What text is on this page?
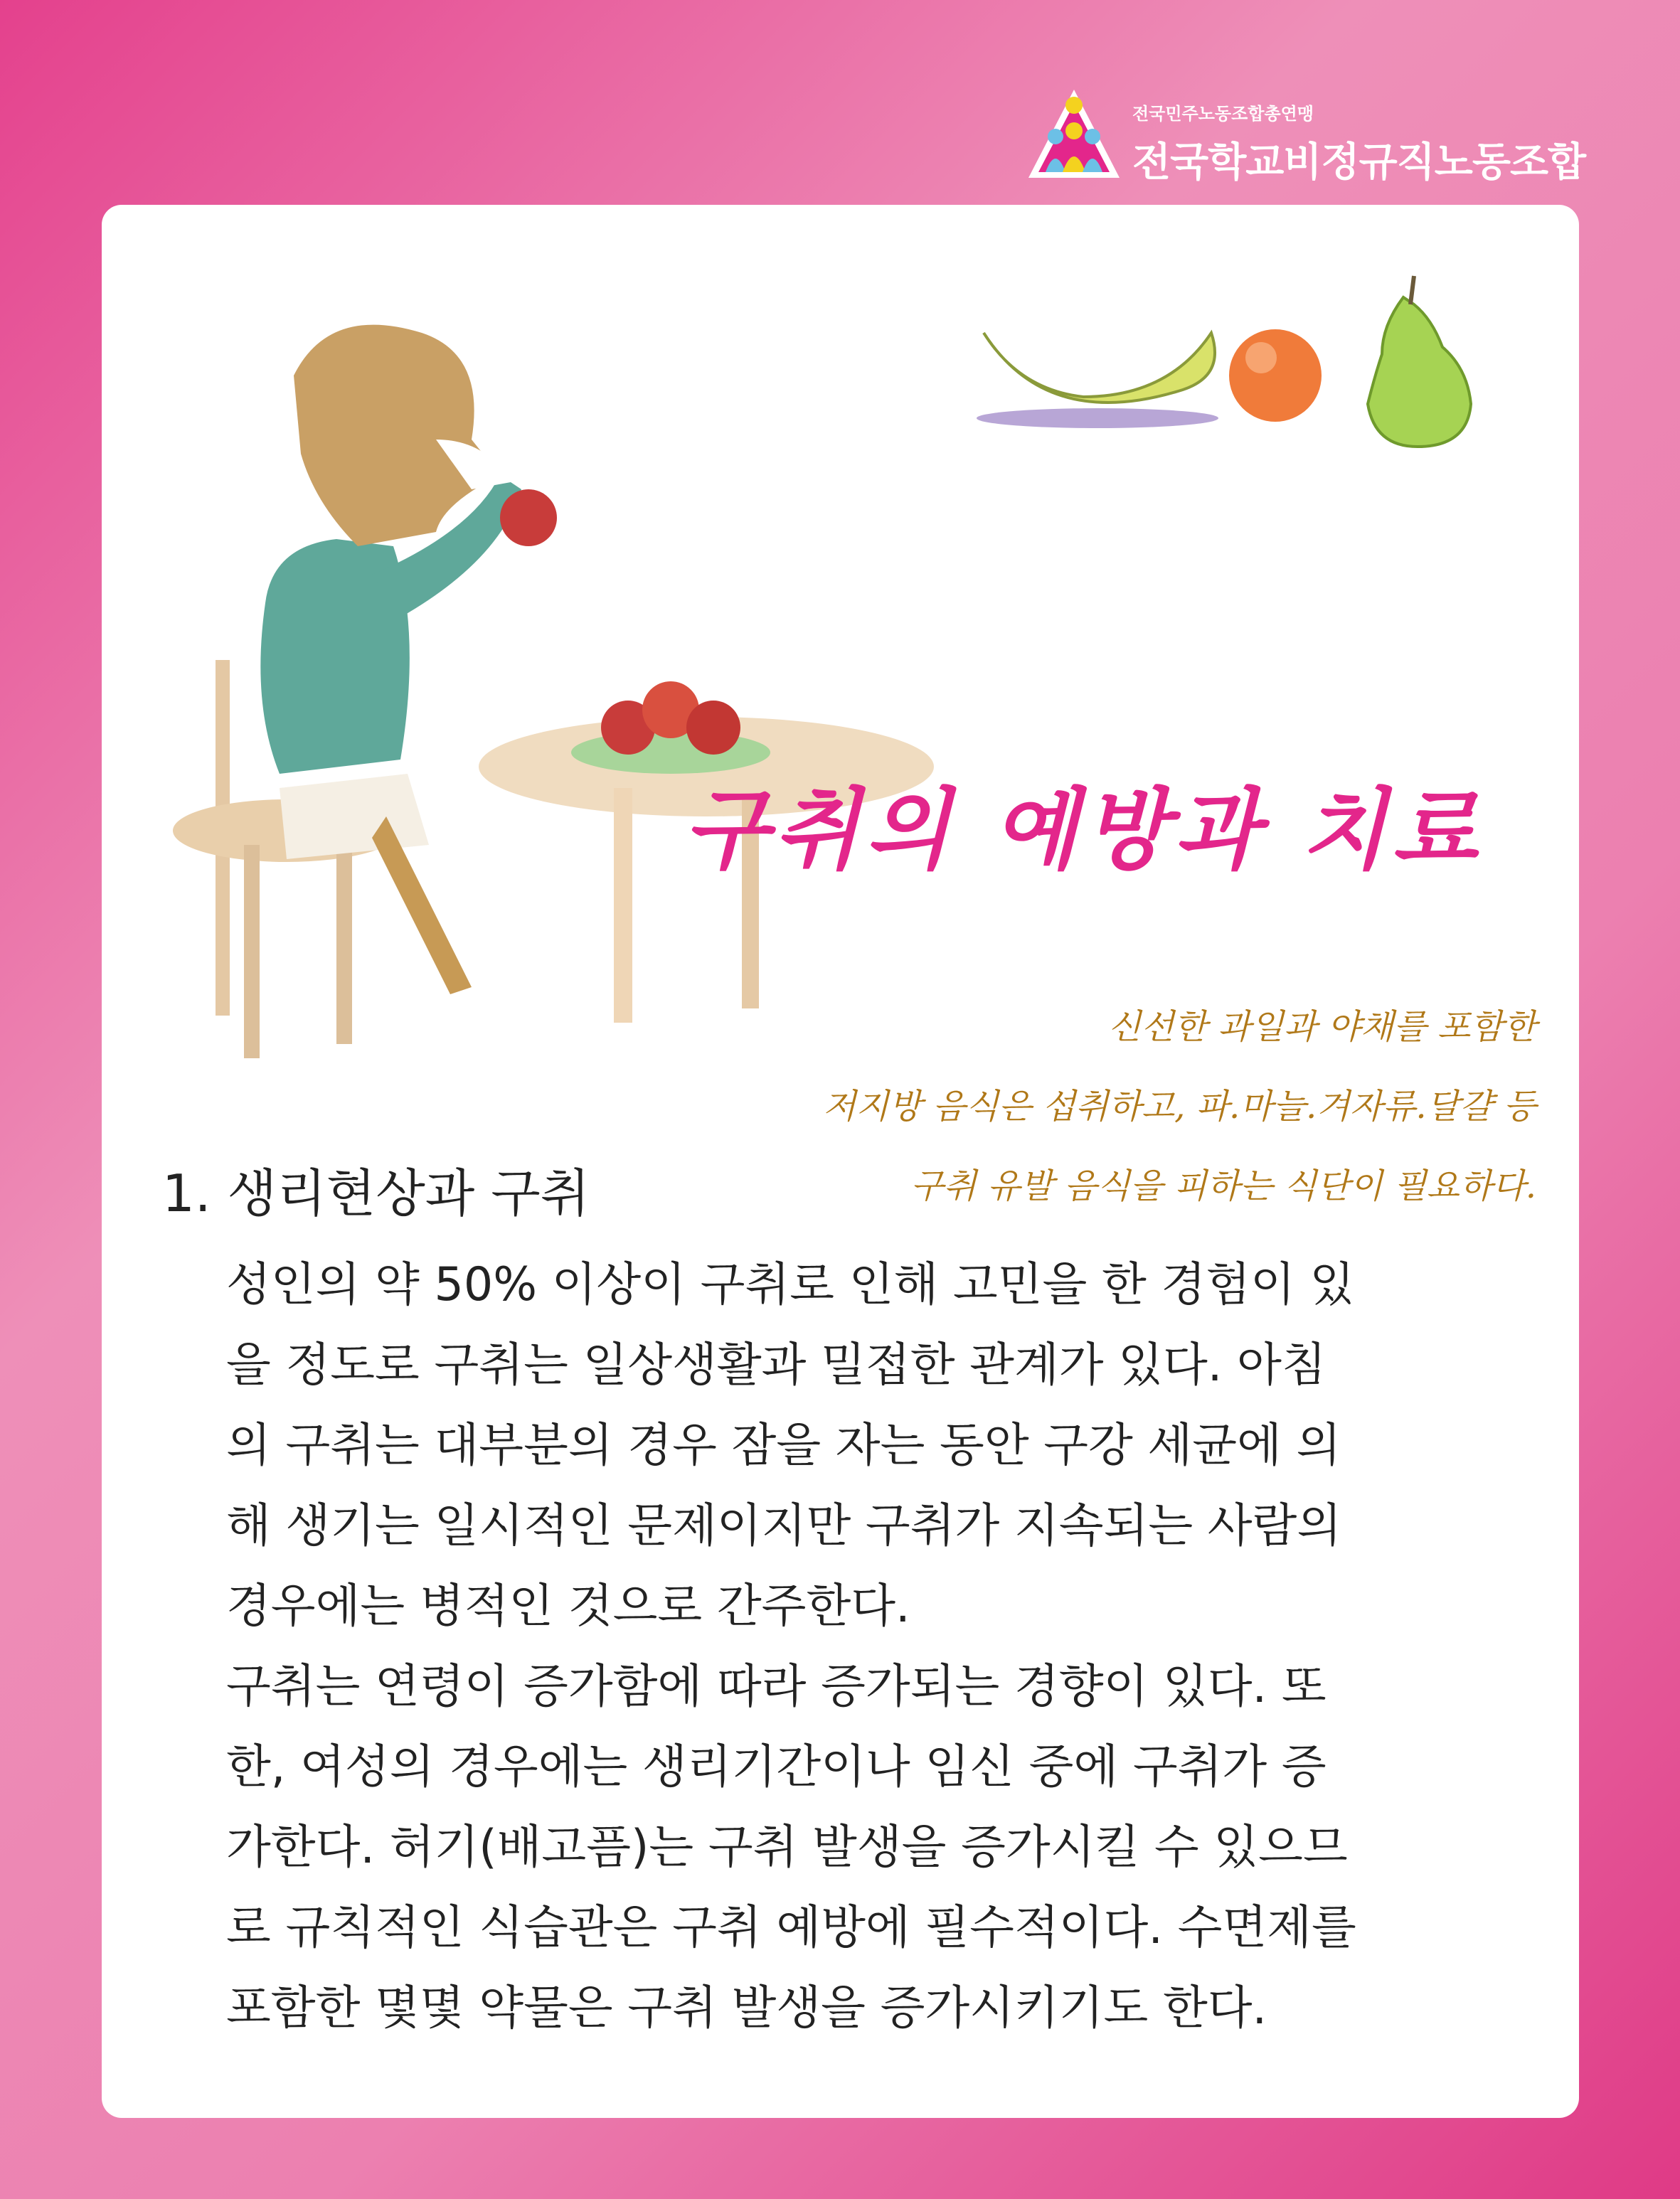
전국민주노동조합총연맹
전국학교비정규직노동조합
구취의 예방과 치료
신선한 과일과 야채를 포함한
저지방 음식은 섭취하고, 파.마늘.겨자류.달걀 등
구취 유발 음식을 피하는 식단이 필요하다.
1. 생리현상과 구취
성인의 약 50% 이상이 구취로 인해 고민을 한 경험이 있
을 정도로 구취는 일상생활과 밀접한 관계가 있다. 아침
의 구취는 대부분의 경우 잠을 자는 동안 구강 세균에 의
해 생기는 일시적인 문제이지만 구취가 지속되는 사람의
경우에는 병적인 것으로 간주한다.
구취는 연령이 증가함에 따라 증가되는 경향이 있다. 또
한, 여성의 경우에는 생리기간이나 임신 중에 구취가 증
가한다. 허기(배고픔)는 구취 발생을 증가시킬 수 있으므
로 규칙적인 식습관은 구취 예방에 필수적이다. 수면제를
포함한 몇몇 약물은 구취 발생을 증가시키기도 한다.
